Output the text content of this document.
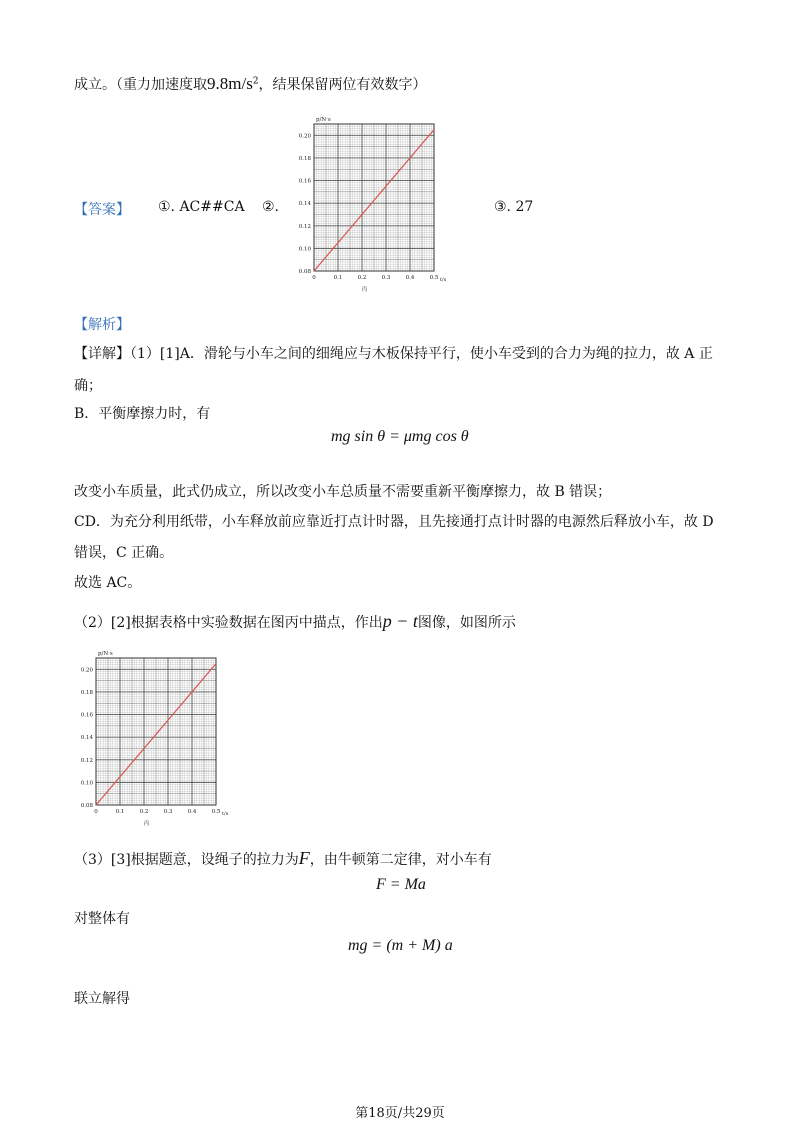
成立。（重力加速度取$9.8m/s^2$，结果保留两位有效数字）
【答案】 ①. AC##CA ②.	③. 27
0.08
0.10
0.12
0.14
0.16
0.18
0.20
0	0.1	0.2	0.3	0.4	0.5
p/N·s
t/s
丙
【解析】
【详解】（1）[1]A．滑轮与小车之间的细绳应与木板保持平行，使小车受到的合力为绳的拉力，故 A 正
确；
B．平衡摩擦力时，有
mg sin θ = μmg cos θ
改变小车质量，此式仍成立，所以改变小车总质量不需要重新平衡摩擦力，故 B 错误；
CD．为充分利用纸带，小车释放前应靠近打点计时器，且先接通打点计时器的电源然后释放小车，故 D
错误，C 正确。
故选 AC。
（2）[2]根据表格中实验数据在图丙中描点，作出p − t图像，如图所示
0.08
0.10
0.12
0.14
0.16
0.18
0.20
0	0.1	0.2	0.3	0.4	0.5
p/N·s
t/s
丙
（3）[3]根据题意，设绳子的拉力为F，由牛顿第二定律，对小车有
F = Ma
对整体有
mg = (m + M) a
联立解得
第18页/共29页
